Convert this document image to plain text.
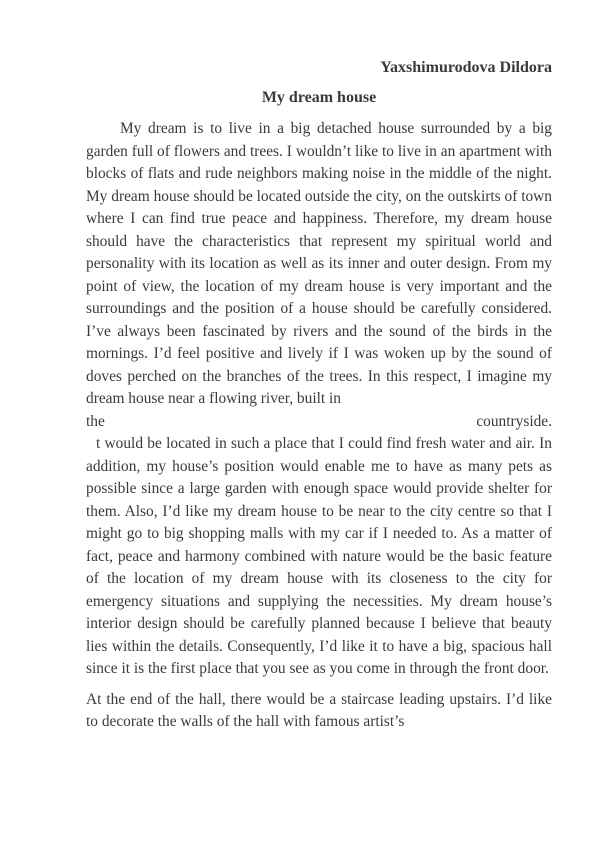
Yaxshimurodova Dildora
My dream house

My dream is to live in a big detached house surrounded by a big garden full of flowers and trees. I wouldn’t like to live in an apartment with blocks of flats and rude neighbors making noise in the middle of the night. My dream house should be located outside the city, on the outskirts of town where I can find true peace and happiness. Therefore, my dream house should have the characteristics that represent my spiritual world and personality with its location as well as its inner and outer design. From my point of view, the location of my dream house is very important and the surroundings and the position of a house should be carefully considered. I’ve always been fascinated by rivers and the sound of the birds in the mornings. I’d feel positive and lively if I was woken up by the sound of doves perched on the branches of the trees. In this respect, I imagine my dream house near a flowing river, built in

the countryside.

t would be located in such a place that I could find fresh water and air. In addition, my house’s position would enable me to have as many pets as possible since a large garden with enough space would provide shelter for them. Also, I’d like my dream house to be near to the city centre so that I might go to big shopping malls with my car if I needed to. As a matter of fact, peace and harmony combined with nature would be the basic feature of the location of my dream house with its closeness to the city for emergency situations and supplying the necessities. My dream house’s interior design should be carefully planned because I believe that beauty lies within the details. Consequently, I’d like it to have a big, spacious hall since it is the first place that you see as you come in through the front door.

At the end of the hall, there would be a staircase leading upstairs. I’d like to decorate the walls of the hall with famous artist’s
